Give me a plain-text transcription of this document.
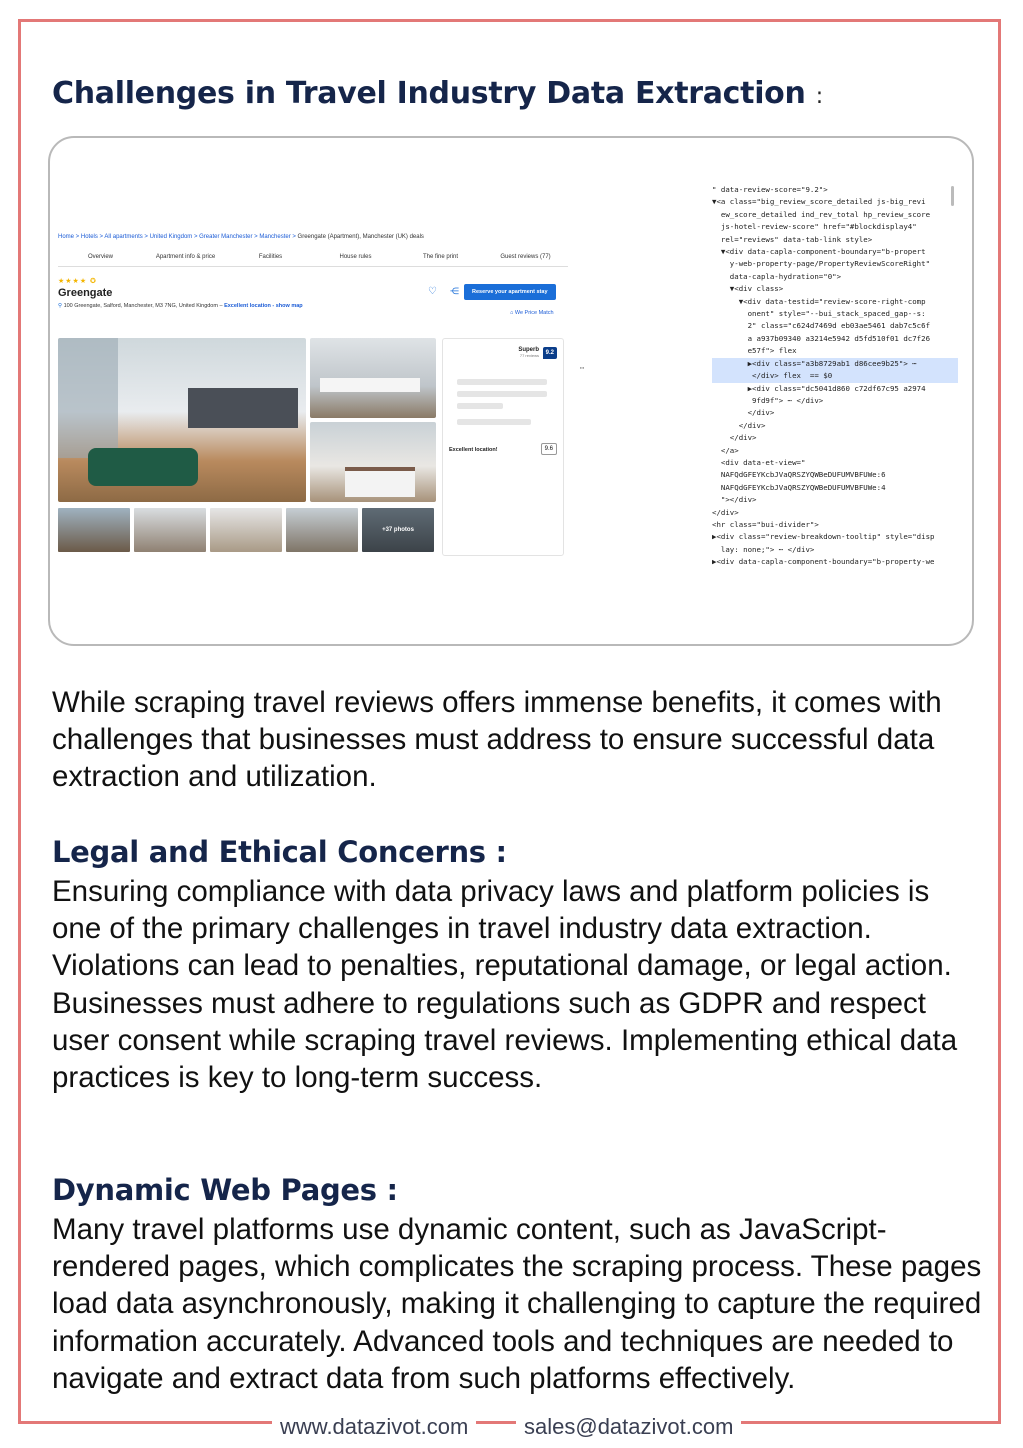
Challenges in Travel Industry Data Extraction :
Home > Hotels > All apartments > United Kingdom > Greater Manchester > Manchester > Greengate (Apartment), Manchester (UK) deals
Overview	Apartment info & price	Facilities	House rules	The fine print	Guest reviews (77)
★★★★ ✪
Greengate
⚲ 100 Greengate, Salford, Manchester, M3 7NG, United Kingdom – Excellent location - show map
♡ ⋲	Reserve your apartment stay
⌂ We Price Match
Superb
77 reviews	9.2
Excellent location!	9.6
+37 photos
⋯
" data-review-score="9.2">
▼<a class="big_review_score_detailed js-big_revi
ew_score_detailed ind_rev_total hp_review_score
js-hotel-review-score" href="#blockdisplay4"
rel="reviews" data-tab-link style>
▼<div data-capla-component-boundary="b-propert
y-web-property-page/PropertyReviewScoreRight"
data-capla-hydration="0">
▼<div class>
▼<div data-testid="review-score-right-comp
onent" style="--bui_stack_spaced_gap--s:
2" class="c624d7469d eb03ae5461 dab7c5c6f
a a937b09340 a3214e5942 d5fd510f01 dc7f26
e57f"> flex
▶<div class="a3b8729ab1 d86cee9b25"> ⋯
</div> flex  == $0
▶<div class="dc5041d860 c72df67c95 a2974
9fd9f"> ⋯ </div>
</div>
</div>
</div>
</a>
<div data-et-view="
NAFQdGFEYKcbJVaQRSZYQWBeDUFUMVBFUWe:6
NAFQdGFEYKcbJVaQRSZYQWBeDUFUMVBFUWe:4
"></div>
</div>
<hr class="bui-divider">
▶<div class="review-breakdown-tooltip" style="disp
lay: none;"> ⋯ </div>
▶<div data-capla-component-boundary="b-property-we

While scraping travel reviews offers immense benefits, it comes with challenges that businesses must address to ensure successful data extraction and utilization.

Legal and Ethical Concerns :

Ensuring compliance with data privacy laws and platform policies is one of the primary challenges in travel industry data extraction. Violations can lead to penalties, reputational damage, or legal action. Businesses must adhere to regulations such as GDPR and respect user consent while scraping travel reviews. Implementing ethical data practices is key to long-term success.

Dynamic Web Pages :

Many travel platforms use dynamic content, such as JavaScript-rendered pages, which complicates the scraping process. These pages load data asynchronously, making it challenging to capture the required information accurately. Advanced tools and techniques are needed to navigate and extract data from such platforms effectively.

www.datazivot.com	sales@datazivot.com
